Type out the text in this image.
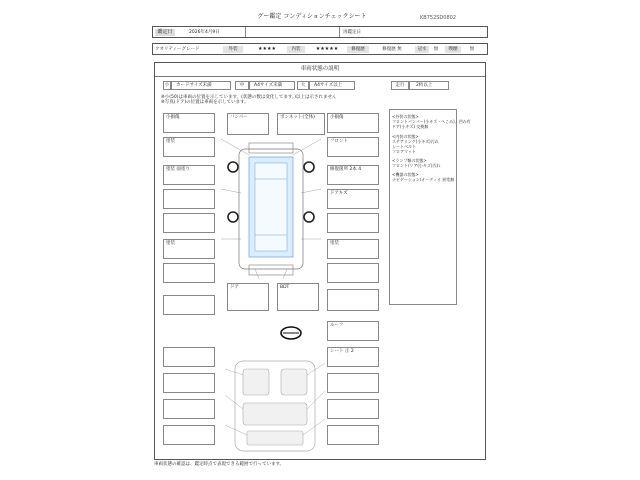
グー鑑定 コンディションチェックシート	KB752SD0802
鑑定日	2026年4月9日	再鑑定日
クオリティーグレード	外装	★★★★	内装	★★★★★	修復歴	修復歴 無	冠水	無	喫煙	無
車両状態の説明
小	カードサイズ未満	中	A4サイズ未満	大	A4サイズ以上	走行	2桁以上
※小(50)は車両の位置を示しています。(状態の数は変化してます。)以上は示されません
※写真(ドア)の位置は車両を示しています。
<外装の状態>
フロントバンパー(小キズ・へこみ)、凹み有
ドア(小キズ) 交換無
<内装の状態>
ステアリング(小キズ)汚れ
シートベルト
フロアマット
<ランプ類の状態>
フロント/リア(小キズ)汚れ
<機器の状態>
ナビゲーション/オーディオ 異常無
小損傷
塗装
塗装 面塗り
塗装
バンパー	ボンネット(全体)	小損傷
フロント
修復箇所 2本 4
ドアキズ
塗装
ドア	BDT
ルーフ
シート 正 2
車両状態の確認は、鑑定時点で表現できる範囲で行っています。
